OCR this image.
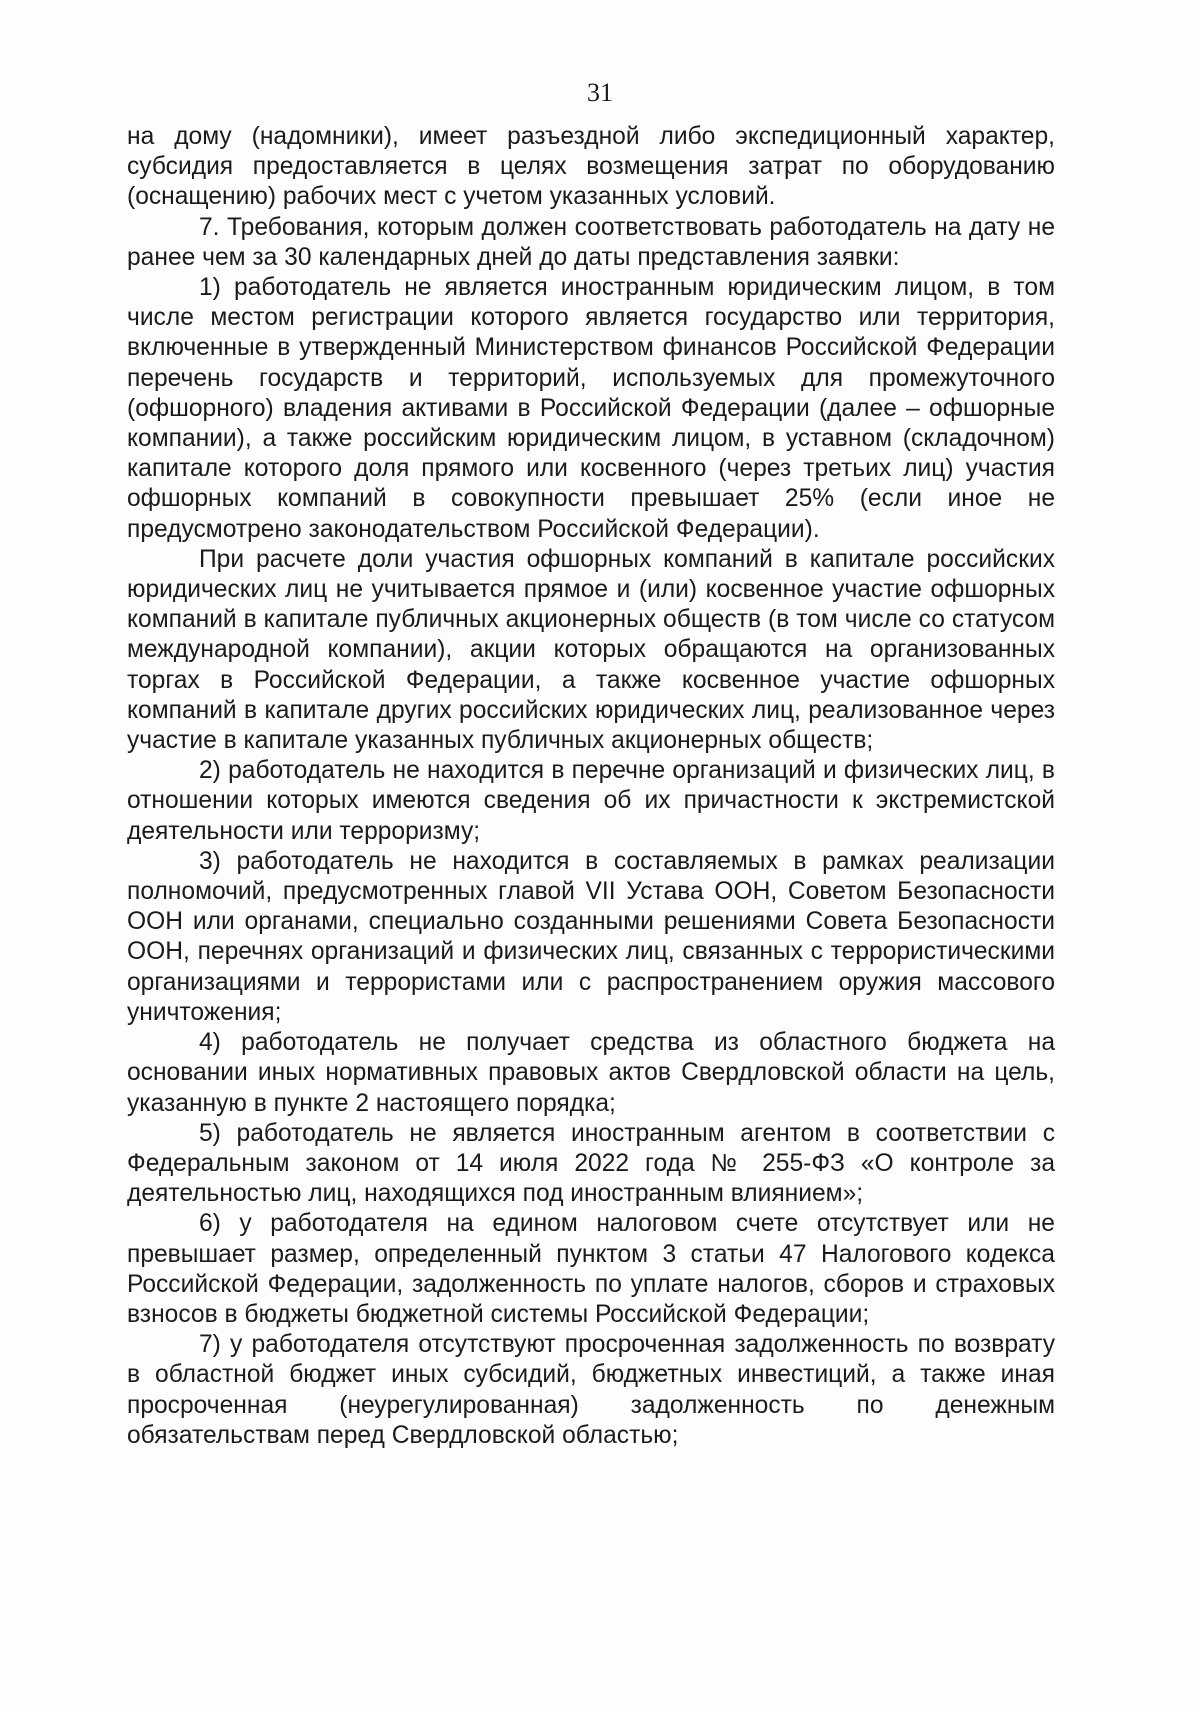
31

на дому (надомники), имеет разъездной либо экспедиционный характер, субсидия предоставляется в целях возмещения затрат по оборудованию (оснащению) рабочих мест с учетом указанных условий.

7. Требования, которым должен соответствовать работодатель на дату не ранее чем за 30 календарных дней до даты представления заявки:

1) работодатель не является иностранным юридическим лицом, в том числе местом регистрации которого является государство или территория, включенные в утвержденный Министерством финансов Российской Федерации перечень государств и территорий, используемых для промежуточного (офшорного) владения активами в Российской Федерации (далее – офшорные компании), а также российским юридическим лицом, в уставном (складочном) капитале которого доля прямого или косвенного (через третьих лиц) участия офшорных компаний в совокупности превышает 25% (если иное не предусмотрено законодательством Российской Федерации).

При расчете доли участия офшорных компаний в капитале российских юридических лиц не учитывается прямое и (или) косвенное участие офшорных компаний в капитале публичных акционерных обществ (в том числе со статусом международной компании), акции которых обращаются на организованных торгах в Российской Федерации, а также косвенное участие офшорных компаний в капитале других российских юридических лиц, реализованное через участие в капитале указанных публичных акционерных обществ;

2) работодатель не находится в перечне организаций и физических лиц, в отношении которых имеются сведения об их причастности к экстремистской деятельности или терроризму;

3) работодатель не находится в составляемых в рамках реализации полномочий, предусмотренных главой VII Устава ООН, Советом Безопасности ООН или органами, специально созданными решениями Совета Безопасности ООН, перечнях организаций и физических лиц, связанных с террористическими организациями и террористами или с распространением оружия массового уничтожения;

4) работодатель не получает средства из областного бюджета на основании иных нормативных правовых актов Свердловской области на цель, указанную в пункте 2 настоящего порядка;

5) работодатель не является иностранным агентом в соответствии с Федеральным законом от 14 июля 2022 года № 255-ФЗ «О контроле за деятельностью лиц, находящихся под иностранным влиянием»;

6) у работодателя на едином налоговом счете отсутствует или не превышает размер, определенный пунктом 3 статьи 47 Налогового кодекса Российской Федерации, задолженность по уплате налогов, сборов и страховых взносов в бюджеты бюджетной системы Российской Федерации;

7) у работодателя отсутствуют просроченная задолженность по возврату в областной бюджет иных субсидий, бюджетных инвестиций, а также иная просроченная (неурегулированная) задолженность по денежным обязательствам перед Свердловской областью;
